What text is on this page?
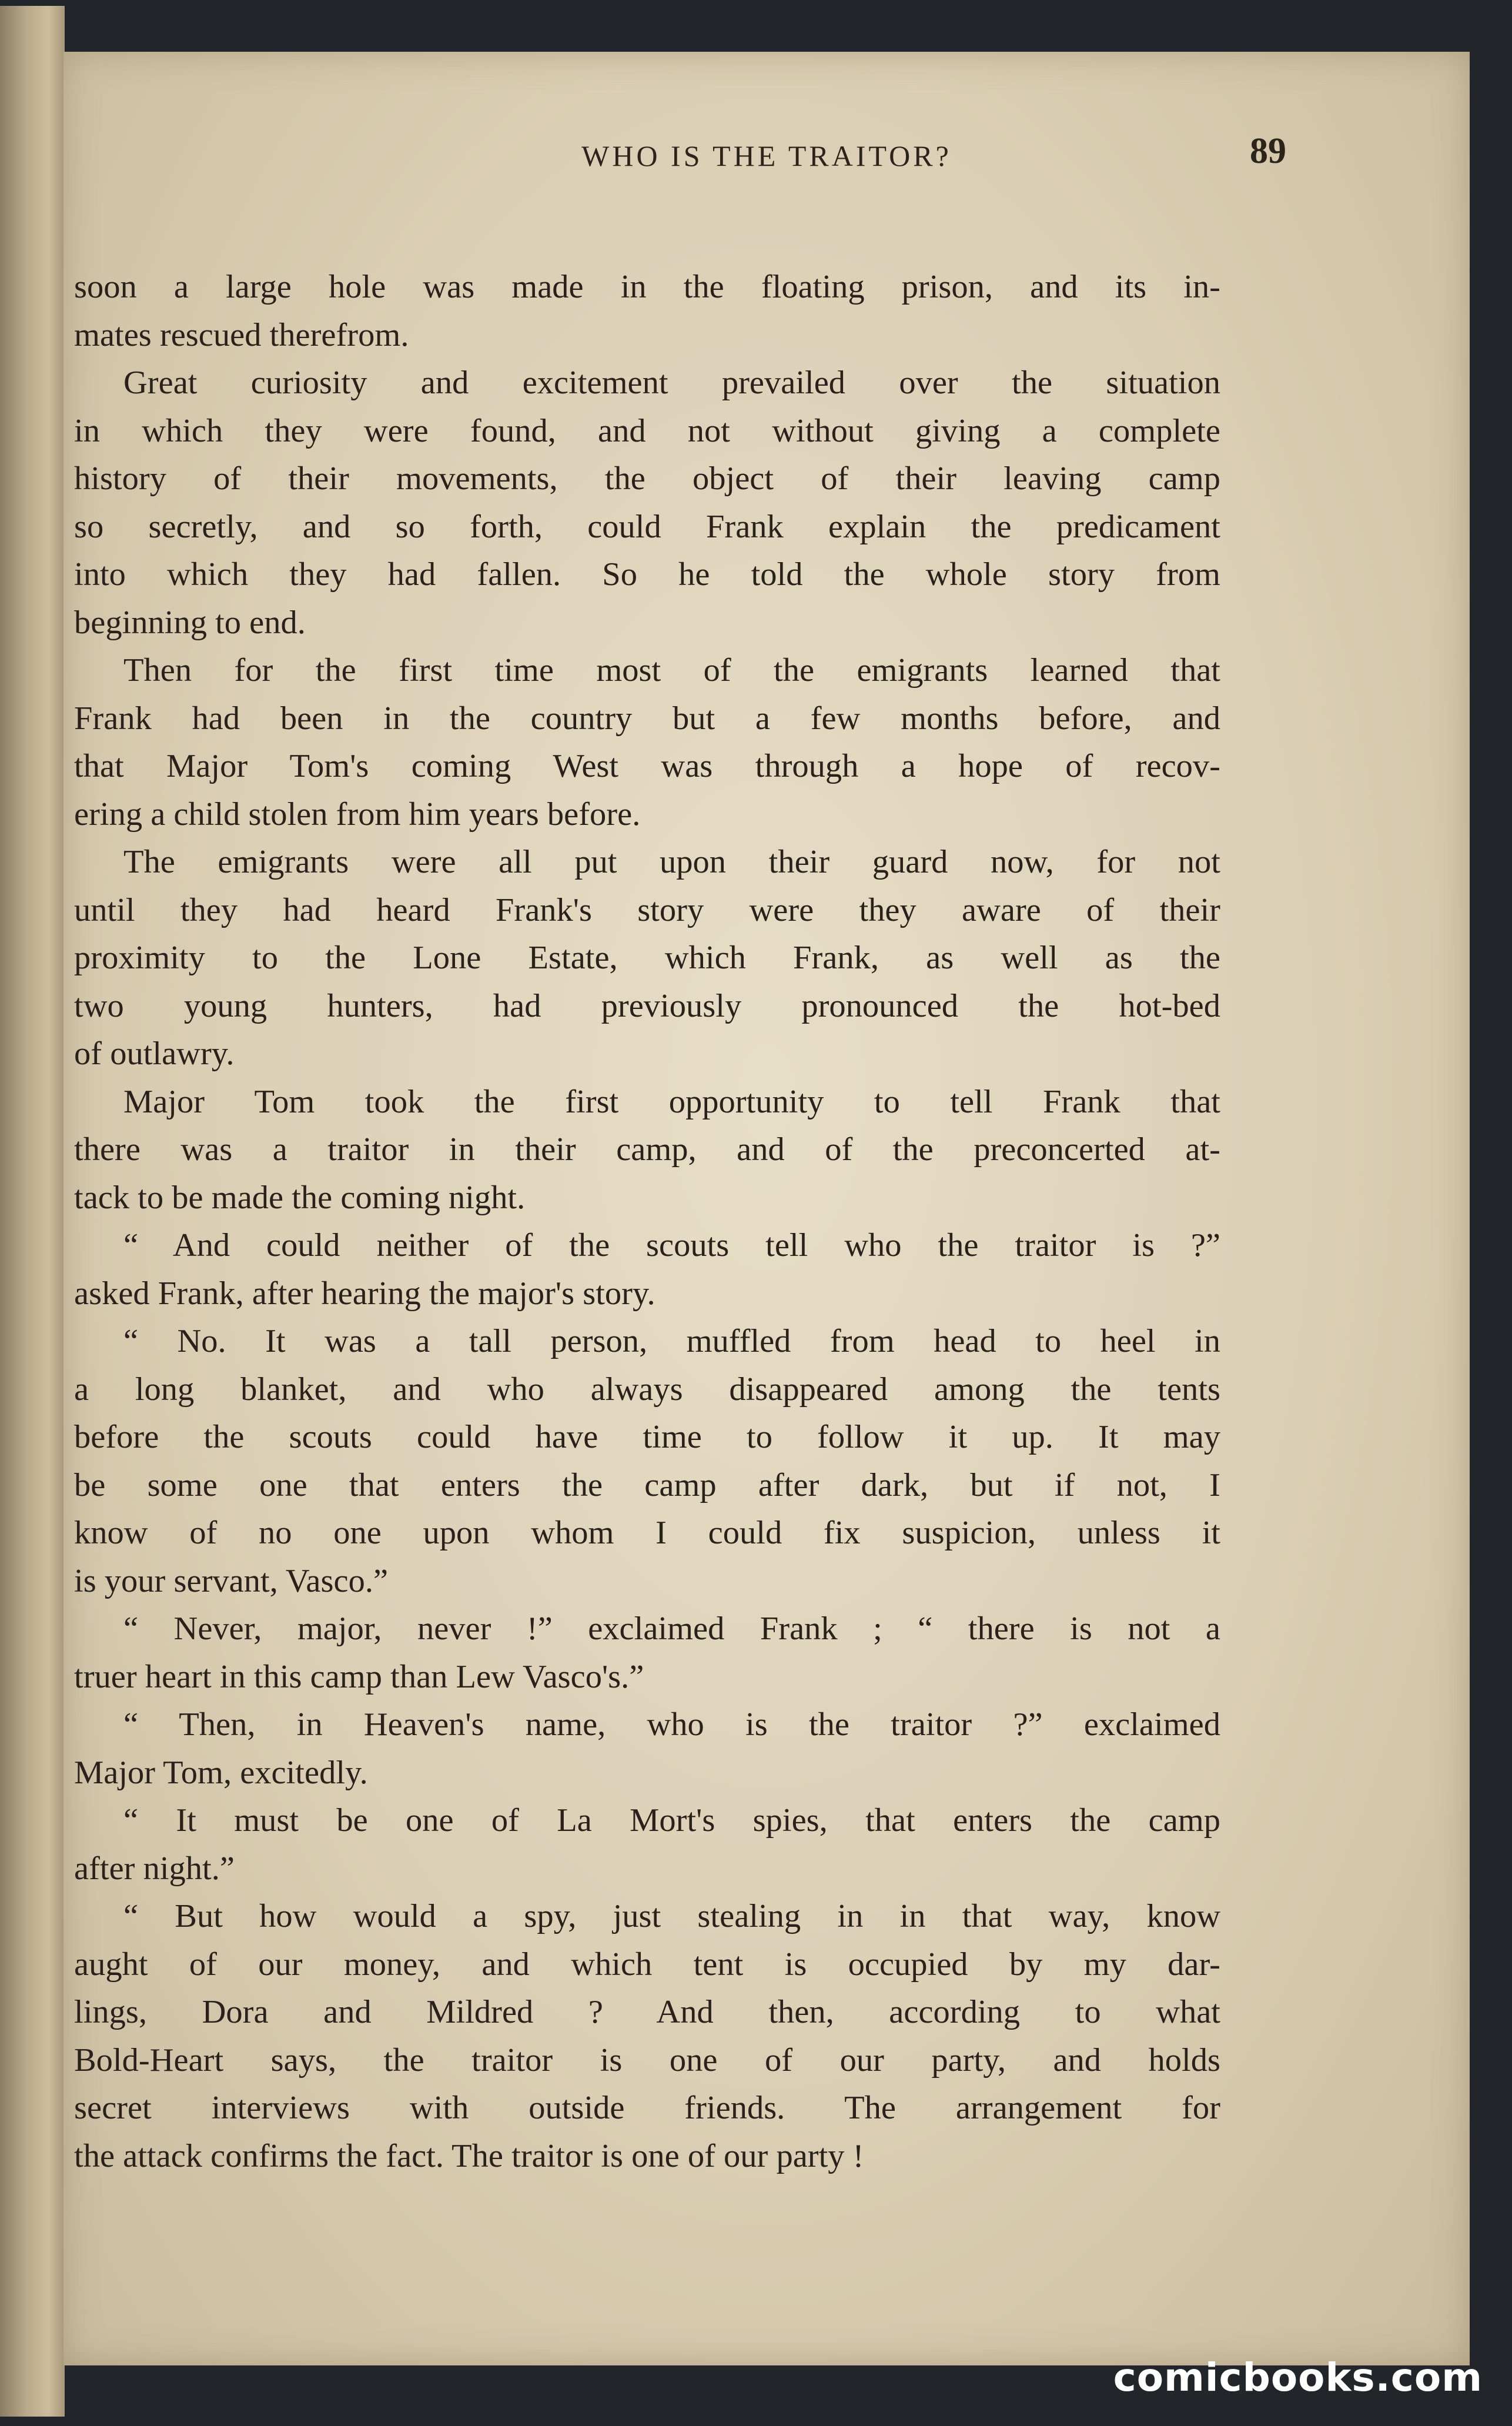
WHO IS THE TRAITOR?	89

soon a large hole was made in the floating prison, and its in-
mates rescued therefrom.

Great curiosity and excitement prevailed over the situation
in which they were found, and not without giving a complete
history of their movements, the object of their leaving camp
so secretly, and so forth, could Frank explain the predicament
into which they had fallen. So he told the whole story from
beginning to end.

Then for the first time most of the emigrants learned that
Frank had been in the country but a few months before, and
that Major Tom's coming West was through a hope of recov-
ering a child stolen from him years before.

The emigrants were all put upon their guard now, for not
until they had heard Frank's story were they aware of their
proximity to the Lone Estate, which Frank, as well as the
two young hunters, had previously pronounced the hot-bed
of outlawry.

Major Tom took the first opportunity to tell Frank that
there was a traitor in their camp, and of the preconcerted at-
tack to be made the coming night.

“ And could neither of the scouts tell who the traitor is ?”
asked Frank, after hearing the major's story.

“ No. It was a tall person, muffled from head to heel in
a long blanket, and who always disappeared among the tents
before the scouts could have time to follow it up. It may
be some one that enters the camp after dark, but if not, I
know of no one upon whom I could fix suspicion, unless it
is your servant, Vasco.”

“ Never, major, never !” exclaimed Frank ; “ there is not a
truer heart in this camp than Lew Vasco's.”

“ Then, in Heaven's name, who is the traitor ?” exclaimed
Major Tom, excitedly.

“ It must be one of La Mort's spies, that enters the camp
after night.”

“ But how would a spy, just stealing in in that way, know
aught of our money, and which tent is occupied by my dar-
lings, Dora and Mildred ? And then, according to what
Bold-Heart says, the traitor is one of our party, and holds
secret interviews with outside friends. The arrangement for
the attack confirms the fact. The traitor is one of our party !

comicbooks.com
